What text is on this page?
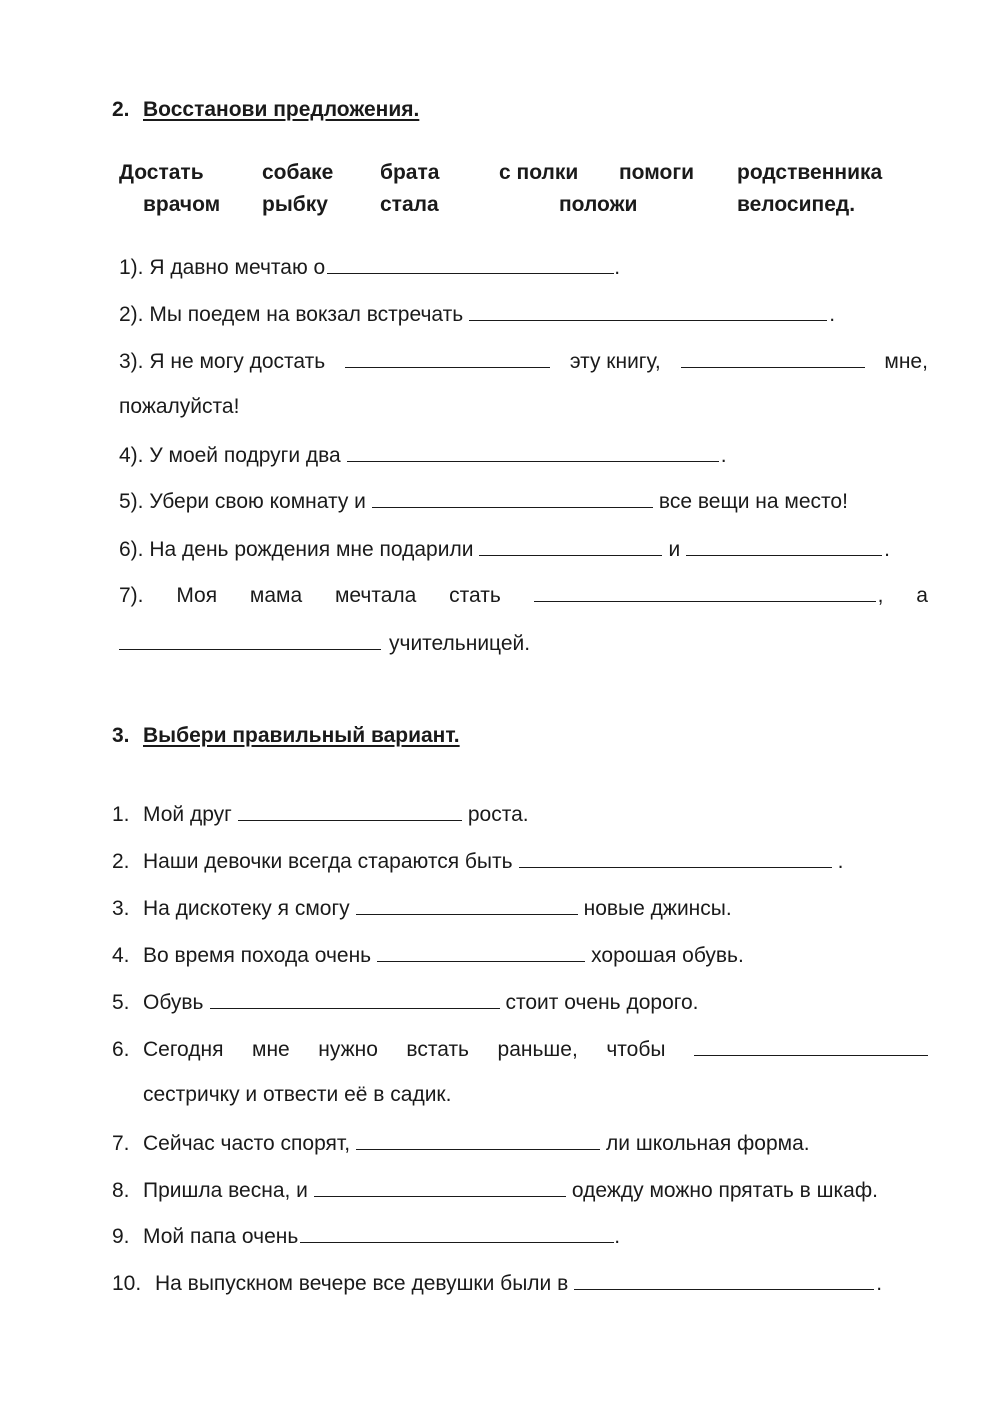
2. Восстанови предложения.
Достать	собаке брата	с полки помоги родственника
врачом рыбку стала	положи	велосипед.
1). Я давно мечтаю о	.
2). Мы поедем на вокзал встречать	.
3). Я не могу достать	эту книгу,	мне,
пожалуйста!
4). У моей подруги два	.
5). Убери свою комнату и	все вещи на место!
6). На день рождения мне подарили	и	.
7). Моя мама мечтала стать	, а
учительницей.
3. Выбери правильный вариант.
1. Мой друг	роста.
2. Наши девочки всегда стараются быть	.
3. На дискотеку я смогу	новые джинсы.
4. Во время похода очень	хорошая обувь.
5. Обувь	стоит очень дорого.
6. Сегодня мне нужно встать раньше, чтобы
сестричку и отвести её в садик.
7. Сейчас часто спорят,	ли школьная форма.
8. Пришла весна, и	одежду можно прятать в шкаф.
9. Мой папа очень	.
10. На выпускном вечере все девушки были в	.
